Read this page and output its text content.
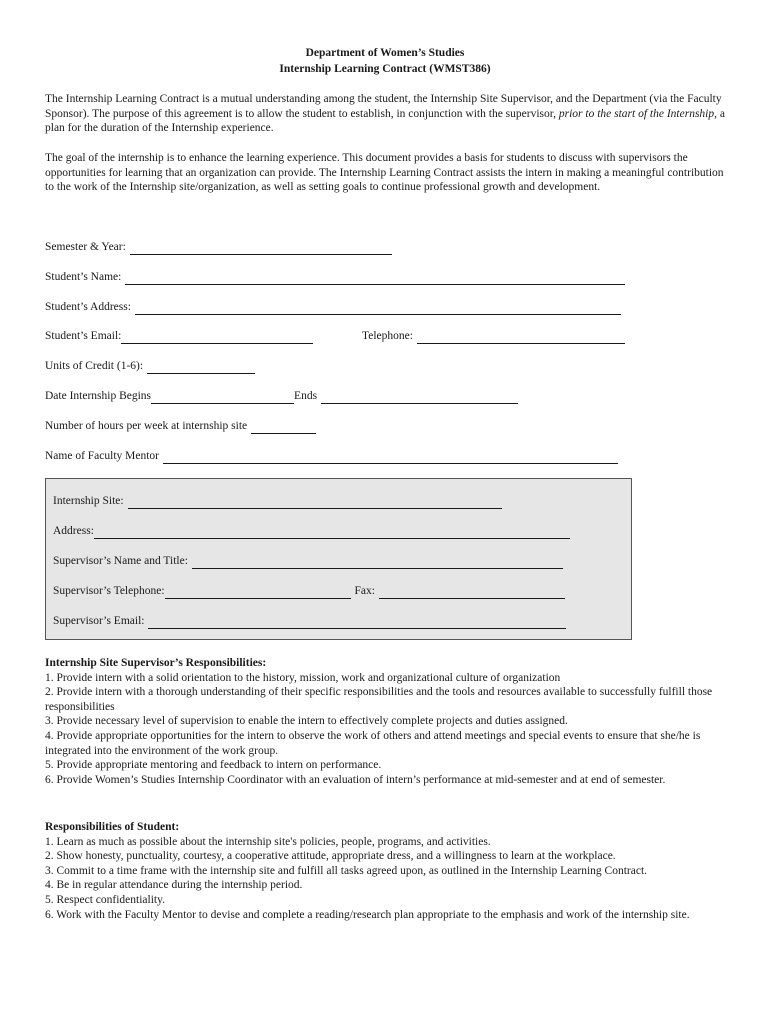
Department of Women’s Studies
Internship Learning Contract (WMST386)
The Internship Learning Contract is a mutual understanding among the student, the Internship Site Supervisor, and the Department (via the Faculty Sponsor). The purpose of this agreement is to allow the student to establish, in conjunction with the supervisor, prior to the start of the Internship, a plan for the duration of the Internship experience.
The goal of the internship is to enhance the learning experience. This document provides a basis for students to discuss with supervisors the opportunities for learning that an organization can provide. The Internship Learning Contract assists the intern in making a meaningful contribution to the work of the Internship site/organization, as well as setting goals to continue professional growth and development.
Semester & Year:
Student’s Name:
Student’s Address:
Student’s Email:	Telephone:
Units of Credit (1-6):
Date Internship Begins	Ends
Number of hours per week at internship site
Name of Faculty Mentor
Internship Site:
Address:
Supervisor’s Name and Title:
Supervisor’s Telephone:	Fax:
Supervisor’s Email:
Internship Site Supervisor’s Responsibilities:

1. Provide intern with a solid orientation to the history, mission, work and organizational culture of organization

2. Provide intern with a thorough understanding of their specific responsibilities and the tools and resources available to successfully fulfill those responsibilities

3. Provide necessary level of supervision to enable the intern to effectively complete projects and duties assigned.

4. Provide appropriate opportunities for the intern to observe the work of others and attend meetings and special events to ensure that she/he is integrated into the environment of the work group.

5. Provide appropriate mentoring and feedback to intern on performance.

6. Provide Women’s Studies Internship Coordinator with an evaluation of intern’s performance at mid-semester and at end of semester.

Responsibilities of Student:

1. Learn as much as possible about the internship site's policies, people, programs, and activities.

2. Show honesty, punctuality, courtesy, a cooperative attitude, appropriate dress, and a willingness to learn at the workplace.

3. Commit to a time frame with the internship site and fulfill all tasks agreed upon, as outlined in the Internship Learning Contract.

4. Be in regular attendance during the internship period.

5. Respect confidentiality.

6. Work with the Faculty Mentor to devise and complete a reading/research plan appropriate to the emphasis and work of the internship site.
